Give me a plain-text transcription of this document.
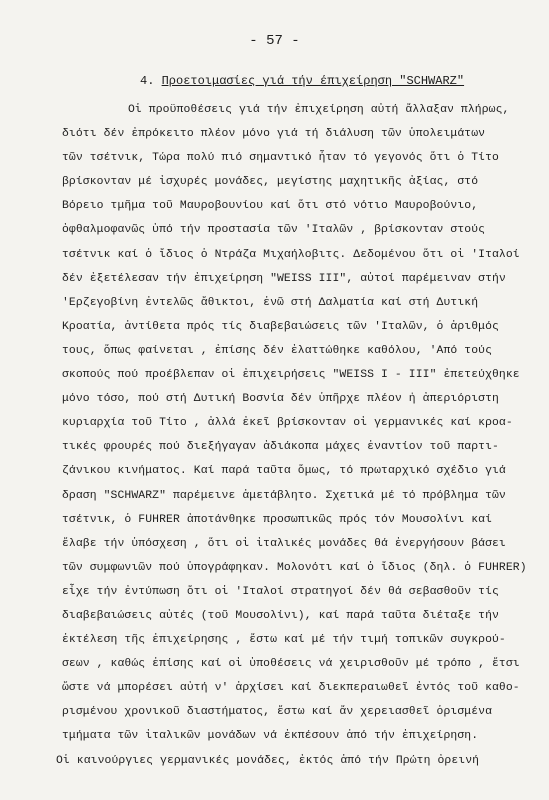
- 57 -
4. Προετοιμασίες γιά τήν έπιχείρηση "SCHWARZ"
Οἱ προϋποθέσεις γιά τήν ἐπιχείρηση αὐτή ἄλλαξαν πλήρως,
διότι δέν ἐπρόκειτο πλέον μόνο γιά τή διάλυση τῶν ὑπολειμάτων
τῶν τσέτνικ, Τώρα πολύ πιό σημαντικό ἦταν τό γεγονός ὅτι ὁ Τίτο
βρίσκονταν μέ ἰσχυρές μονάδες, μεγίστης μαχητικῆς ἀξίας, στό
Βόρειο τμῆμα τοῦ Μαυροβουνίου καί ὅτι στό νότιο Μαυροβούνιο,
ὀφθαλμοφανῶς ὑπό τήν προστασία τῶν 'Ιταλῶν , βρίσκονταν στούς
τσέτνικ καί ὁ ἴδιος ὁ Ντράζα Μιχαήλοβιτς. Δεδομένου ὅτι οἱ 'Ιταλοί
δέν ἐξετέλεσαν τήν ἐπιχείρηση "WEISS III", αὐτοί παρέμειναν στήν
'Ερζεγοβίνη ἐντελῶς ἄθικτοι, ἐνῶ στή Δαλματία καί στή Δυτική
Κροατία, ἀντίθετα πρός τίς διαβεβαιώσεις τῶν 'Ιταλῶν, ὁ ἀριθμός
τους, ὅπως φαίνεται , ἐπίσης δέν ἐλαττώθηκε καθόλου, 'Από τούς
σκοπούς πού προέβλεπαν οἱ ἐπιχειρήσεις "WEISS I - III" ἐπετεύχθηκε
μόνο τόσο, πού στή Δυτική Βοσνία δέν ὑπῆρχε πλέον ἡ ἀπεριόριστη
κυριαρχία τοῦ Τίτο , ἀλλά ἐκεῖ βρίσκονταν οἱ γερμανικές καί κροα-
τικές φρουρές πού διεξήγαγαν ἀδιάκοπα μάχες ἐναντίον τοῦ παρτι-
ζάνικου κινήματος. Καί παρά ταῦτα ὅμως, τό πρωταρχικό σχέδιο γιά
δραση "SCHWARZ" παρέμεινε ἀμετάβλητο. Σχετικά μέ τό πρόβλημα τῶν
τσέτνικ, ὁ FUHRER ἀποτάνθηκε προσωπικῶς πρός τόν Μουσολίνι καί
ἔλαβε τήν ὑπόσχεση , ὅτι οἱ ἰταλικές μονάδες θά ἐνεργήσουν βάσει
τῶν συμφωνιῶν πού ὑπογράφηκαν. Μολονότι καί ὁ ἴδιος (δηλ. ὁ FUHRER)
εἶχε τήν ἐντύπωση ὅτι οἱ 'Ιταλοί στρατηγοί δέν θά σεβασθοῦν τίς
διαβεβαιώσεις αὐτές (τοῦ Μουσολίνι), καί παρά ταῦτα διέταξε τήν
ἐκτέλεση τῆς ἐπιχείρησης , ἔστω καί μέ τήν τιμή τοπικῶν συγκρού-
σεων , καθώς ἐπίσης καί οἱ ὑποθέσεις νά χειρισθοῦν μέ τρόπο , ἔτσι
ὥστε νά μπορέσει αὐτή ν' ἀρχίσει καί διεκπεραιωθεῖ ἐντός τοῦ καθο-
ρισμένου χρονικοῦ διαστήματος, ἔστω καί ἄν χερειασθεῖ ὁρισμένα
τμήματα τῶν ἰταλικῶν μονάδων νά ἐκπέσουν ἀπό τήν ἐπιχείρηση.
Οἱ καινούργιες γερμανικές μονάδες, ἐκτός ἀπό τήν Πρώτη ὀρεινή
